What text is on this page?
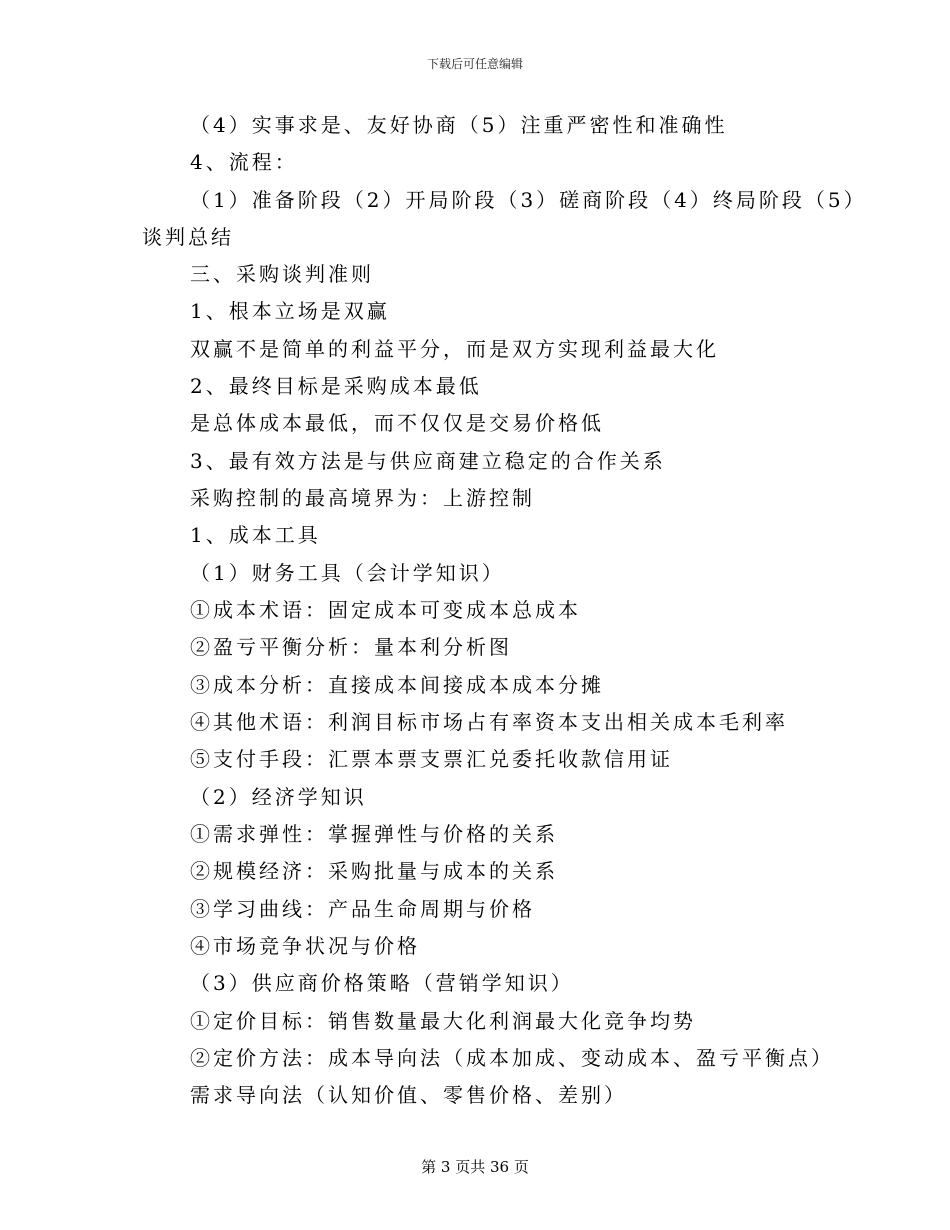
下载后可任意编辑
（4）实事求是、友好协商（5）注重严密性和准确性
4、流程：
（1）准备阶段（2）开局阶段（3）磋商阶段（4）终局阶段（5）
谈判总结
三、采购谈判准则
1、根本立场是双赢
双赢不是简单的利益平分，而是双方实现利益最大化
2、最终目标是采购成本最低
是总体成本最低，而不仅仅是交易价格低
3、最有效方法是与供应商建立稳定的合作关系
采购控制的最高境界为：上游控制
1、成本工具
（1）财务工具（会计学知识）
①成本术语：固定成本可变成本总成本
②盈亏平衡分析：量本利分析图
③成本分析：直接成本间接成本成本分摊
④其他术语：利润目标市场占有率资本支出相关成本毛利率
⑤支付手段：汇票本票支票汇兑委托收款信用证
（2）经济学知识
①需求弹性：掌握弹性与价格的关系
②规模经济：采购批量与成本的关系
③学习曲线：产品生命周期与价格
④市场竞争状况与价格
（3）供应商价格策略（营销学知识）
①定价目标：销售数量最大化利润最大化竞争均势
②定价方法：成本导向法（成本加成、变动成本、盈亏平衡点）
需求导向法（认知价值、零售价格、差别）
第 3 页共 36 页
